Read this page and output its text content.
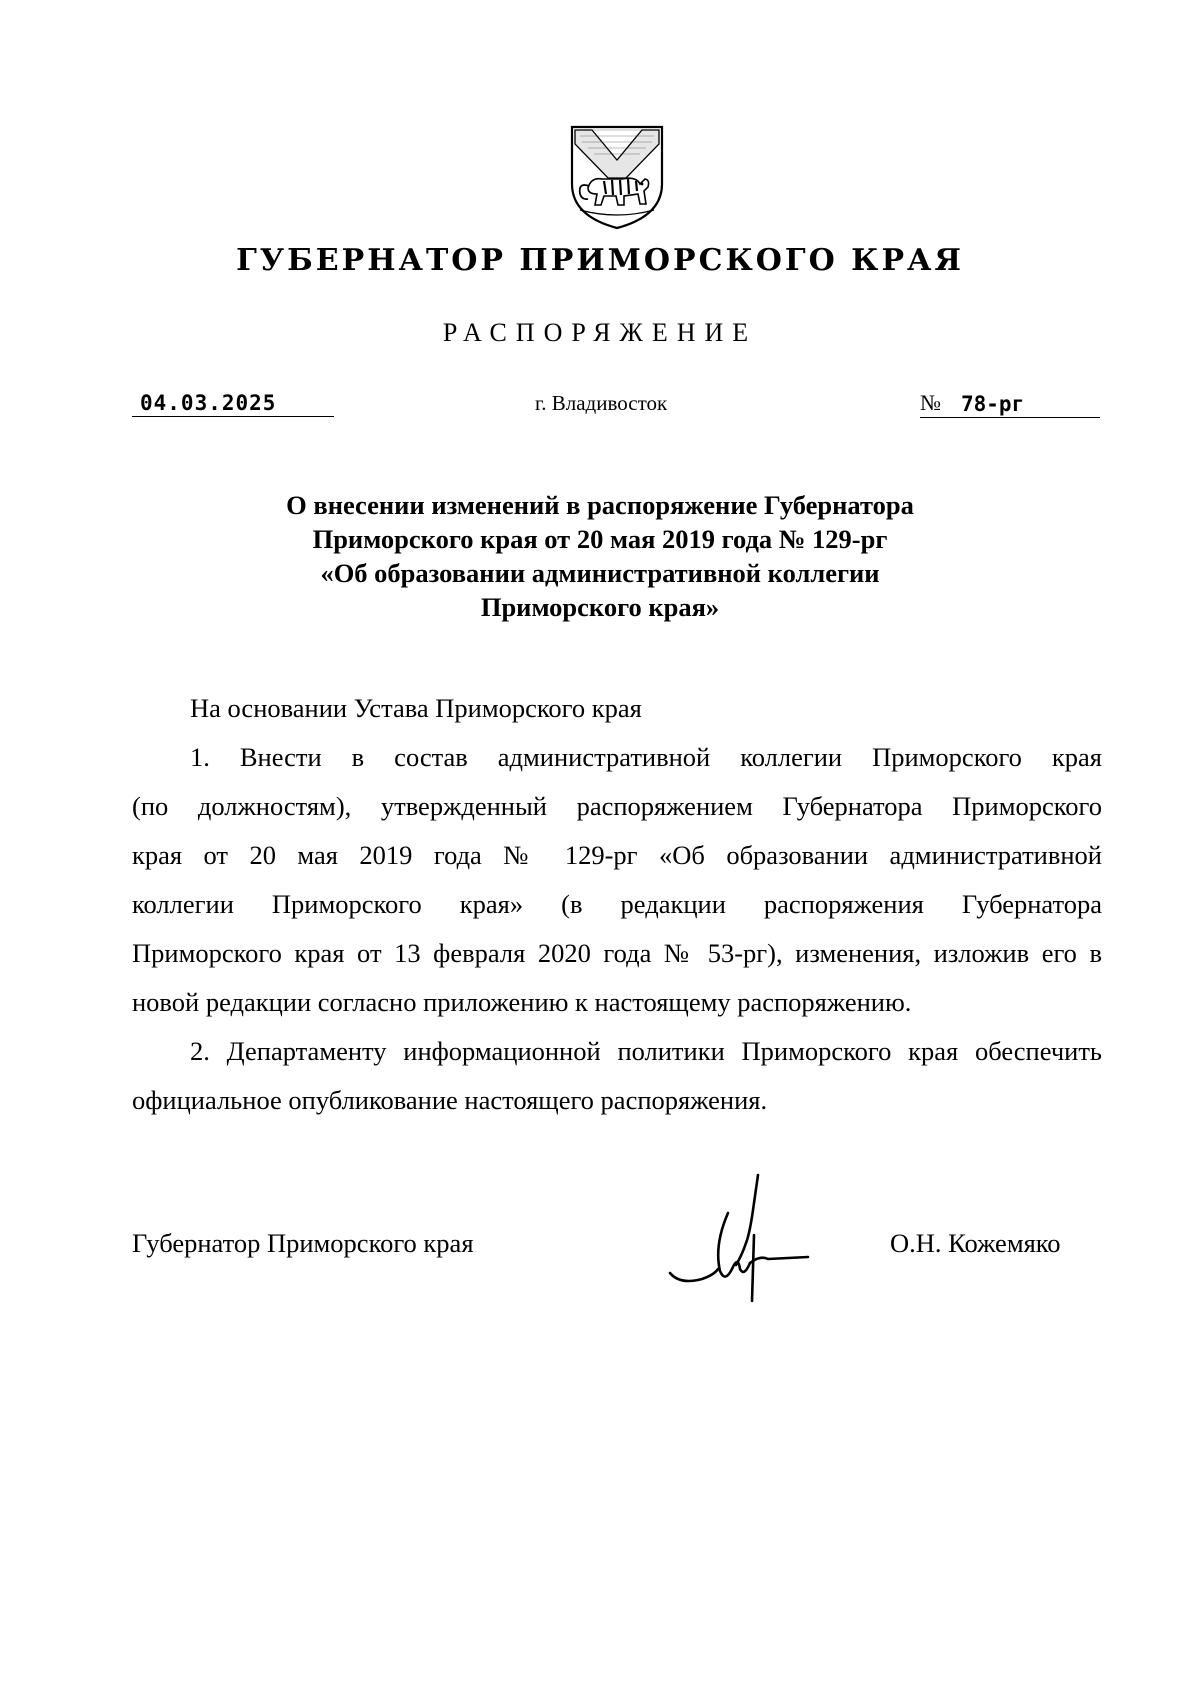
ГУБЕРНАТОР ПРИМОРСКОГО КРАЯ
РАСПОРЯЖЕНИЕ
04.03.2025	г. Владивосток	№ 78-рг
О внесении изменений в распоряжение Губернатора
Приморского края от 20 мая 2019 года № 129-рг
«Об образовании административной коллегии
Приморского края»
На основании Устава Приморского края
1. Внести в состав административной коллегии Приморского края
(по должностям), утвержденный распоряжением Губернатора Приморского
края от 20 мая 2019 года № 129-рг «Об образовании административной
коллегии Приморского края» (в редакции распоряжения Губернатора
Приморского края от 13 февраля 2020 года № 53-рг), изменения, изложив его в
новой редакции согласно приложению к настоящему распоряжению.
2. Департаменту информационной политики Приморского края обеспечить
официальное опубликование настоящего распоряжения.
Губернатор Приморского края	О.Н. Кожемяко
